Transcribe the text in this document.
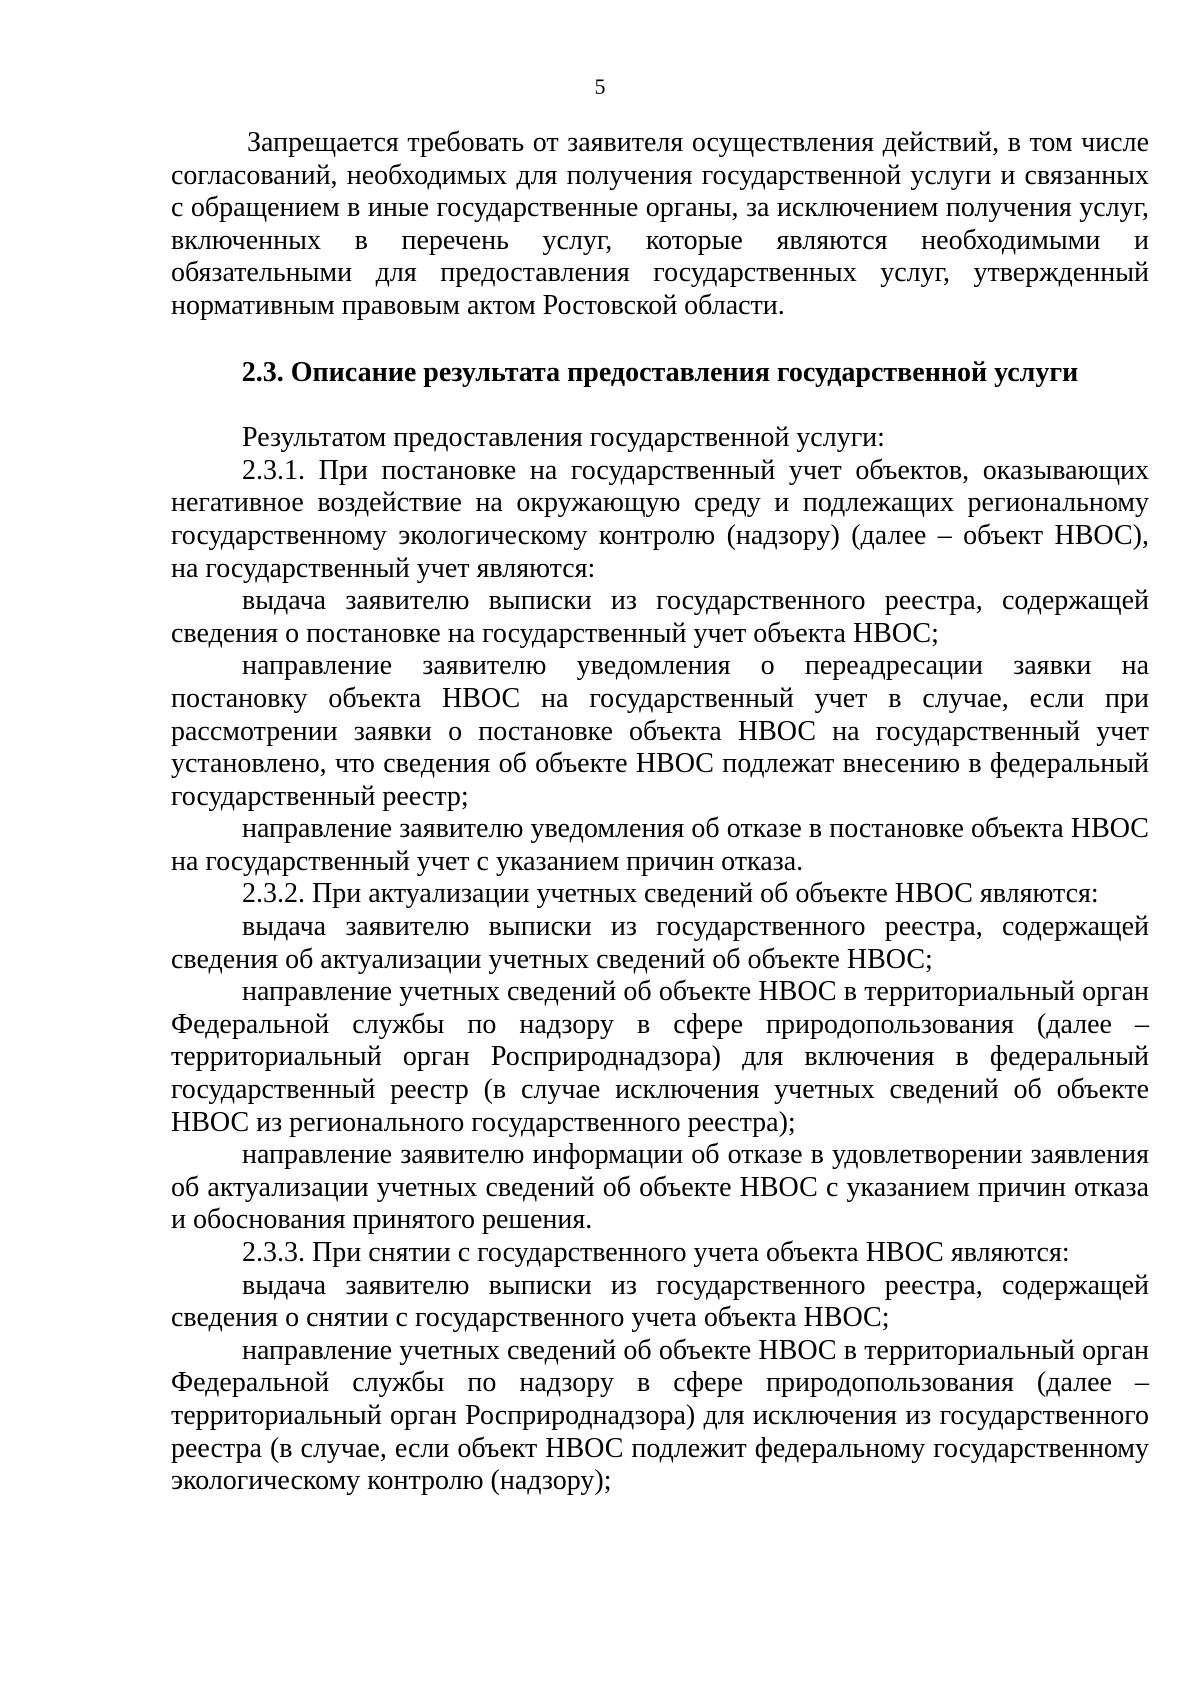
5

Запрещается требовать от заявителя осуществления действий, в том числе согласований, необходимых для получения государственной услуги и связанных с обращением в иные государственные органы, за исключением получения услуг, включенных в перечень услуг, которые являются необходимыми и обязательными для предоставления государственных услуг, утвержденный нормативным правовым актом Ростовской области.

2.3. Описание результата предоставления государственной услуги

Результатом предоставления государственной услуги:

2.3.1. При постановке на государственный учет объектов, оказывающих негативное воздействие на окружающую среду и подлежащих региональному государственному экологическому контролю (надзору) (далее – объект НВОС), на государственный учет являются:

выдача заявителю выписки из государственного реестра, содержащей сведения о постановке на государственный учет объекта НВОС;

направление заявителю уведомления о переадресации заявки на постановку объекта НВОС на государственный учет в случае, если при рассмотрении заявки о постановке объекта НВОС на государственный учет установлено, что сведения об объекте НВОС подлежат внесению в федеральный государственный реестр;

направление заявителю уведомления об отказе в постановке объекта НВОС на государственный учет с указанием причин отказа.

2.3.2. При актуализации учетных сведений об объекте НВОС являются:

выдача заявителю выписки из государственного реестра, содержащей сведения об актуализации учетных сведений об объекте НВОС;

направление учетных сведений об объекте НВОС в территориальный орган Федеральной службы по надзору в сфере природопользования (далее – территориальный орган Росприроднадзора) для включения в федеральный государственный реестр (в случае исключения учетных сведений об объекте НВОС из регионального государственного реестра);

направление заявителю информации об отказе в удовлетворении заявления об актуализации учетных сведений об объекте НВОС с указанием причин отказа и обоснования принятого решения.

2.3.3. При снятии с государственного учета объекта НВОС являются:

выдача заявителю выписки из государственного реестра, содержащей сведения о снятии с государственного учета объекта НВОС;

направление учетных сведений об объекте НВОС в территориальный орган Федеральной службы по надзору в сфере природопользования (далее – территориальный орган Росприроднадзора) для исключения из государственного реестра (в случае, если объект НВОС подлежит федеральному государственному экологическому контролю (надзору);
